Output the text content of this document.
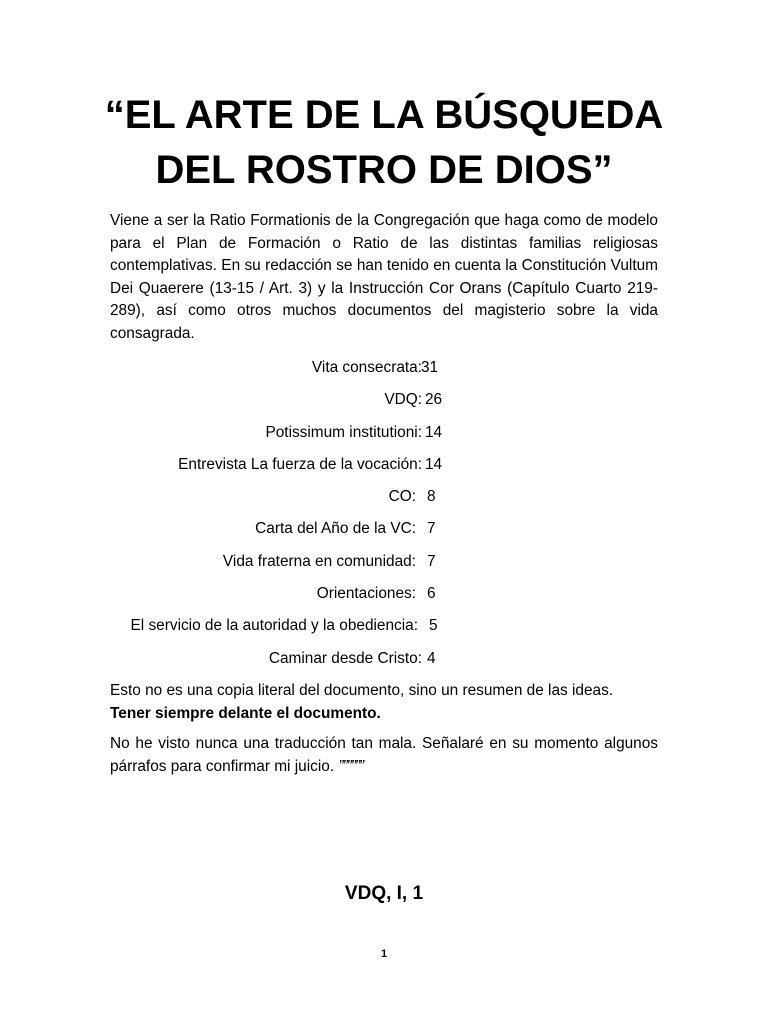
“EL ARTE DE LA BÚSQUEDA
DEL ROSTRO DE DIOS”

Viene a ser la Ratio Formationis de la Congregación que haga como de modelo para el Plan de Formación o Ratio de las distintas familias religiosas contemplativas. En su redacción se han tenido en cuenta la Constitución Vultum Dei Quaerere (13-15 / Art. 3) y la Instrucción Cor Orans (Capítulo Cuarto 219-289), así como otros muchos documentos del magisterio sobre la vida consagrada.

Vita consecrata: 31
VDQ: 26
Potissimum institutioni: 14
Entrevista La fuerza de la vocación: 14
CO: 8
Carta del Año de la VC: 7
Vida fraterna en comunidad: 7
Orientaciones: 6
El servicio de la autoridad y la obediencia: 5
Caminar desde Cristo: 4

Esto no es una copia literal del documento, sino un resumen de las ideas.
Tener siempre delante el documento.

No he visto nunca una traducción tan mala. Señalaré en su momento algunos párrafos para confirmar mi juicio. ””””””

VDQ, I, 1
1
